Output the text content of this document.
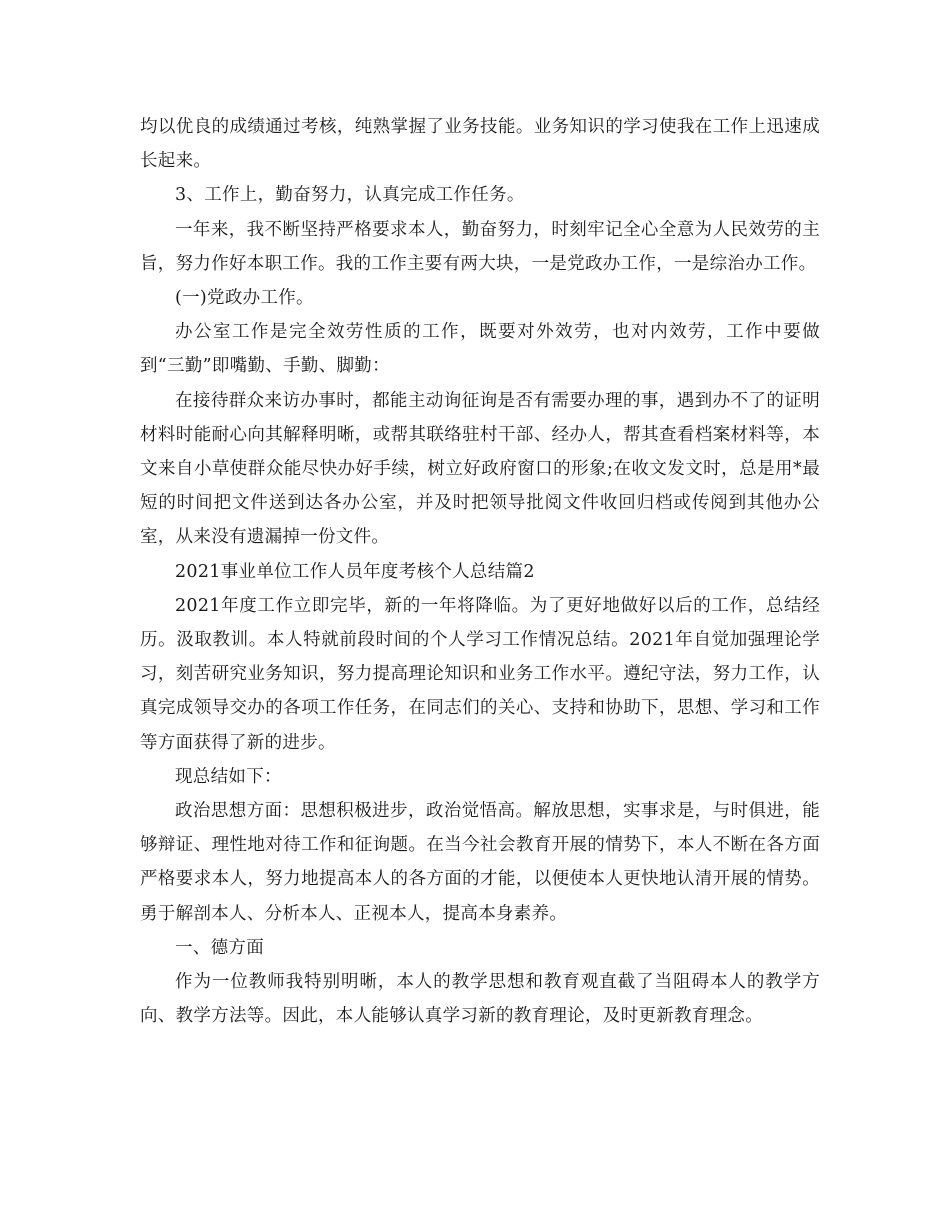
均以优良的成绩通过考核，纯熟掌握了业务技能。业务知识的学习使我在工作上迅速成长起来。

3、工作上，勤奋努力，认真完成工作任务。

一年来，我不断坚持严格要求本人，勤奋努力，时刻牢记全心全意为人民效劳的主旨，努力作好本职工作。我的工作主要有两大块，一是党政办工作，一是综治办工作。

(一)党政办工作。

办公室工作是完全效劳性质的工作，既要对外效劳，也对内效劳，工作中要做到“三勤”即嘴勤、手勤、脚勤：

在接待群众来访办事时，都能主动询征询是否有需要办理的事，遇到办不了的证明材料时能耐心向其解释明晰，或帮其联络驻村干部、经办人，帮其查看档案材料等，本文来自小草使群众能尽快办好手续，树立好政府窗口的形象;在收文发文时，总是用*最短的时间把文件送到达各办公室，并及时把领导批阅文件收回归档或传阅到其他办公室，从来没有遗漏掉一份文件。

2021事业单位工作人员年度考核个人总结篇2

2021年度工作立即完毕，新的一年将降临。为了更好地做好以后的工作，总结经历。汲取教训。本人特就前段时间的个人学习工作情况总结。2021年自觉加强理论学习，刻苦研究业务知识，努力提高理论知识和业务工作水平。遵纪守法，努力工作，认真完成领导交办的各项工作任务，在同志们的关心、支持和协助下，思想、学习和工作等方面获得了新的进步。

现总结如下：

政治思想方面：思想积极进步，政治觉悟高。解放思想，实事求是，与时俱进，能够辩证、理性地对待工作和征询题。在当今社会教育开展的情势下，本人不断在各方面严格要求本人，努力地提高本人的各方面的才能，以便使本人更快地认清开展的情势。勇于解剖本人、分析本人、正视本人，提高本身素养。

一、德方面

作为一位教师我特别明晰，本人的教学思想和教育观直截了当阻碍本人的教学方向、教学方法等。因此，本人能够认真学习新的教育理论，及时更新教育理念。
